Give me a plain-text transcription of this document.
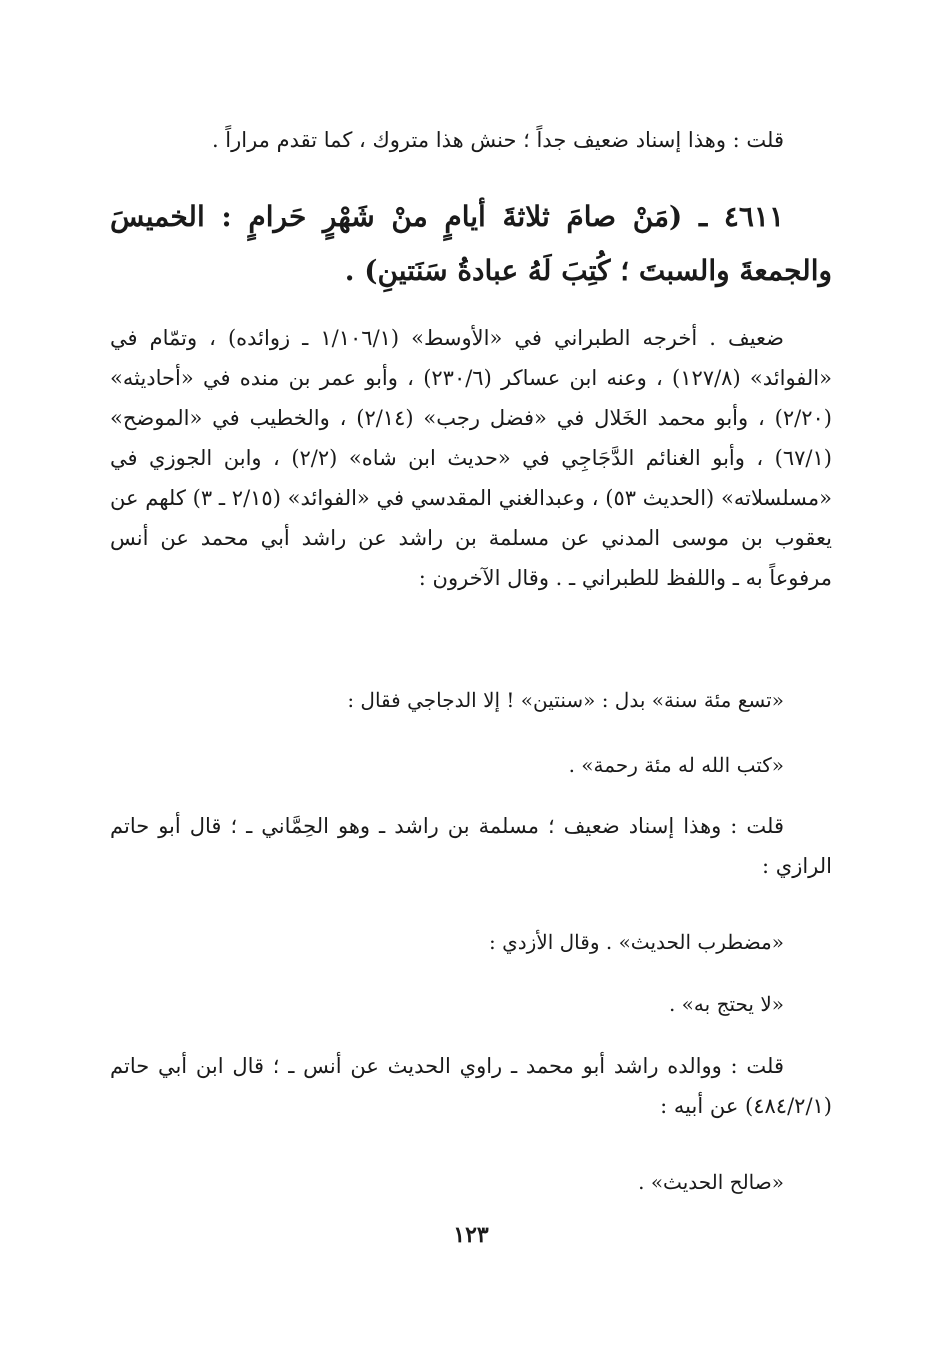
قلت : وهذا إسناد ضعيف جداً ؛ حنش هذا متروك ، كما تقدم مراراً .

٤٦١١ ـ (مَنْ صامَ ثلاثةَ أيامٍ منْ شَهْرٍ حَرامٍ : الخميسَ والجمعةَ والسبتَ ؛ كُتِبَ لَهُ عبادةُ سَنَتينِ) .

ضعيف . أخرجه الطبراني في «الأوسط» (١/١٠٦/١ ـ زوائده) ، وتمّام في «الفوائد» (١٢٧/٨) ، وعنه ابن عساكر (٢٣٠/٦) ، وأبو عمر بن منده في «أحاديثه» (٢/٢٠) ، وأبو محمد الخَلال في «فضل رجب» (٢/١٤) ، والخطيب في «الموضح» (٦٧/١) ، وأبو الغنائم الدَّجَاجِي في «حديث ابن شاه» (٢/٢) ، وابن الجوزي في «مسلسلاته» (الحديث ٥٣) ، وعبدالغني المقدسي في «الفوائد» (٢/١٥ ـ ٣) كلهم عن يعقوب بن موسى المدني عن مسلمة بن راشد عن راشد أبي محمد عن أنس مرفوعاً به ـ واللفظ للطبراني ـ . وقال الآخرون :

«تسع مئة سنة» بدل : «سنتين» ! إلا الدجاجي فقال :

«كتب الله له مئة رحمة» .

قلت : وهذا إسناد ضعيف ؛ مسلمة بن راشد ـ وهو الحِمَّاني ـ ؛ قال أبو حاتم الرازي :

«مضطرب الحديث» . وقال الأزدي :

«لا يحتج به» .

قلت : ووالده راشد أبو محمد ـ راوي الحديث عن أنس ـ ؛ قال ابن أبي حاتم (٤٨٤/٢/١) عن أبيه :

«صالح الحديث» .

١٢٣
